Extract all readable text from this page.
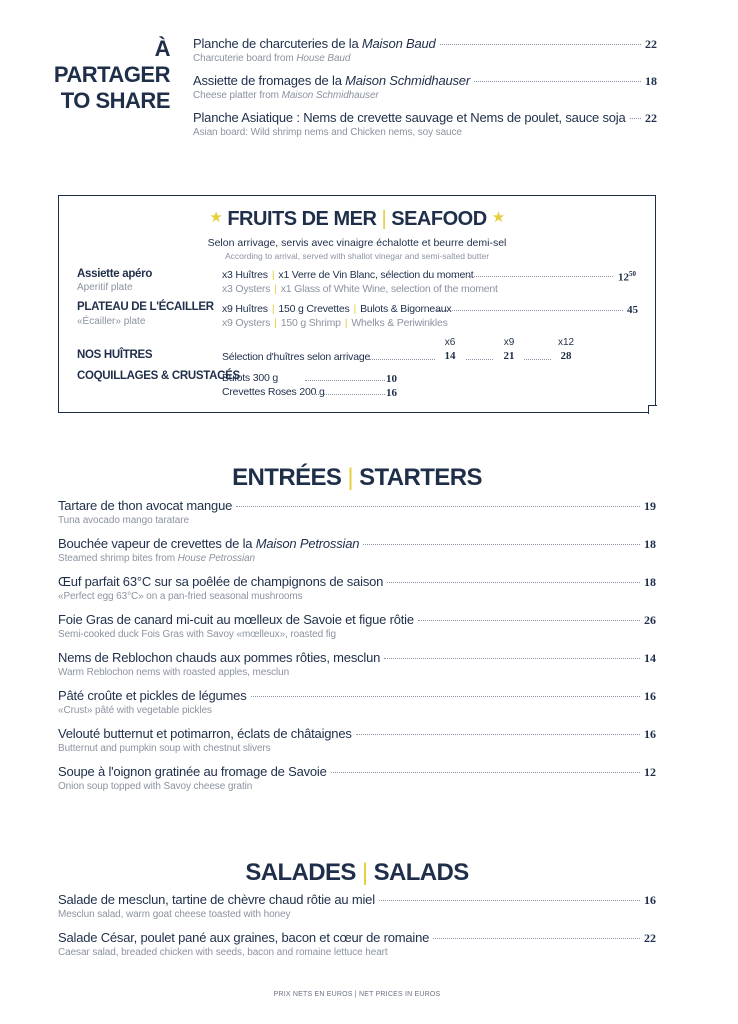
À PARTAGER
TO SHARE
Planche de charcuteries de la Maison Baud	22
Charcuterie board from House Baud
Assiette de fromages de la Maison Schmidhauser	18
Cheese platter from Maison Schmidhauser
Planche Asiatique : Nems de crevette sauvage et Nems de poulet, sauce soja 22
Asian board: Wild shrimp nems and Chicken nems, soy sauce
★ FRUITS DE MER | SEAFOOD ★
Selon arrivage, servis avec vinaigre échalotte et beurre demi-sel
According to arrival, served with shallot vinegar and semi-salted butter
Assiette apéro
Aperitif plate
x3 Huîtres | x1 Verre de Vin Blanc, sélection du moment
x3 Oysters | x1 Glass of White Wine, selection of the moment
$12^{50}$
PLATEAU DE L'ÉCAILLER
«Écailler» plate
x9 Huîtres | 150 g Crevettes | Bulots & Bigorneaux
x9 Oysters | 150 g Shrimp | Whelks & Periwinkles
45
x6	x9	x12
NOS HUÎTRES	Sélection d'huîtres selon arrivage	14	21	28
COQUILLAGES & CRUSTACÉS
Bulots 300 g	10
Crevettes Roses 200 g	16
ENTRÉES | STARTERS
Tartare de thon avocat mangue	19
Tuna avocado mango taratare
Bouchée vapeur de crevettes de la Maison Petrossian	18
Steamed shrimp bites from House Petrossian
Œuf parfait 63°C sur sa poêlée de champignons de saison	18
«Perfect egg 63°C» on a pan-fried seasonal mushrooms
Foie Gras de canard mi-cuit au mœlleux de Savoie et figue rôtie	26
Semi-cooked duck Fois Gras with Savoy «mœlleux», roasted fig
Nems de Reblochon chauds aux pommes rôties, mesclun	14
Warm Reblochon nems with roasted apples, mesclun
Pâté croûte et pickles de légumes	16
«Crust» pâté with vegetable pickles
Velouté butternut et potimarron, éclats de châtaignes	16
Butternut and pumpkin soup with chestnut slivers
Soupe à l'oignon gratinée au fromage de Savoie	12
Onion soup topped with Savoy cheese gratin
SALADES | SALADS
Salade de mesclun, tartine de chèvre chaud rôtie au miel	16
Mesclun salad, warm goat cheese toasted with honey
Salade César, poulet pané aux graines, bacon et cœur de romaine	22
Caesar salad, breaded chicken with seeds, bacon and romaine lettuce heart
PRIX NETS EN EUROS | NET PRICES IN EUROS
